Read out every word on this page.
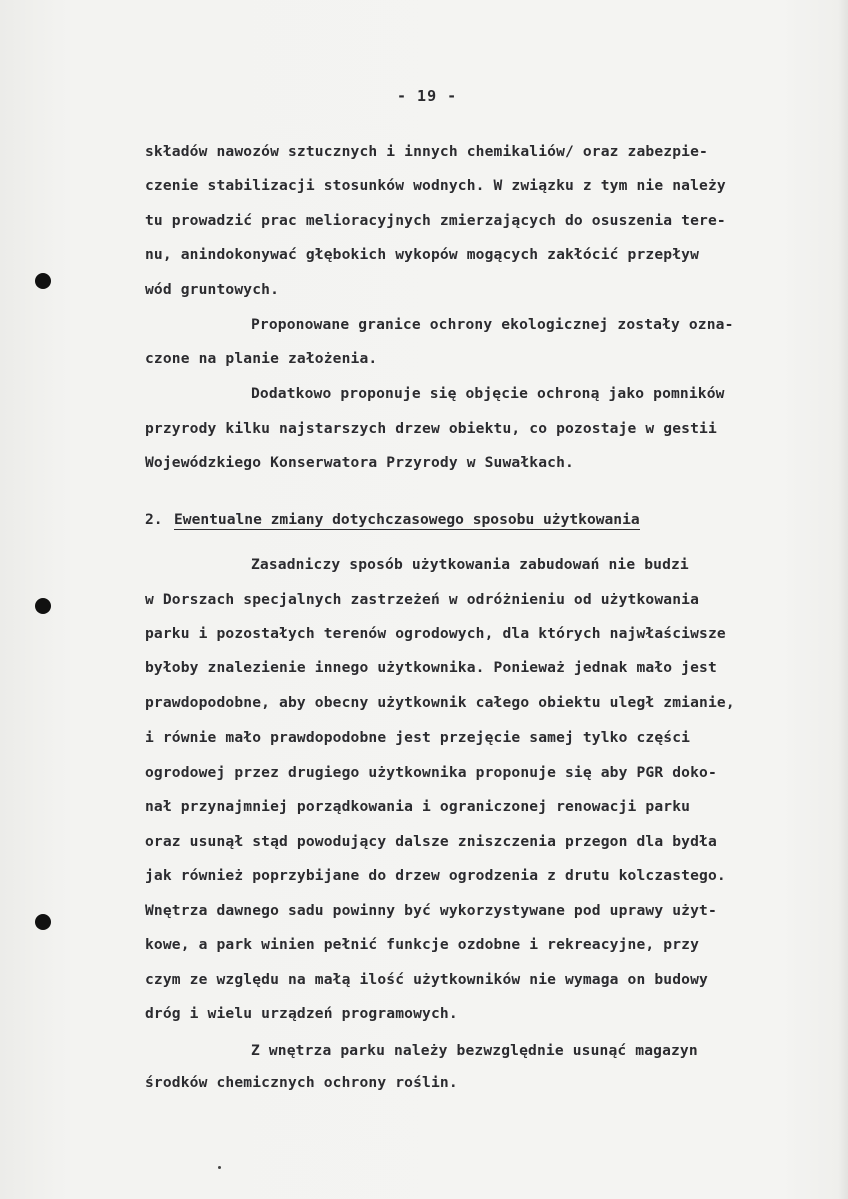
- 19 -
składów nawozów sztucznych i innych chemikaliów/ oraz zabezpie-
czenie stabilizacji stosunków wodnych. W związku z tym nie należy
tu prowadzić prac melioracyjnych zmierzających do osuszenia tere-
nu, anindokonywać głębokich wykopów mogących zakłócić przepływ
wód gruntowych.
Proponowane granice ochrony ekologicznej zostały ozna-
czone na planie założenia.
Dodatkowo proponuje się objęcie ochroną jako pomników
przyrody kilku najstarszych drzew obiektu, co pozostaje w gestii
Wojewódzkiego Konserwatora Przyrody w Suwałkach.
2. Ewentualne zmiany dotychczasowego sposobu użytkowania
Zasadniczy sposób użytkowania zabudowań nie budzi
w Dorszach specjalnych zastrzeżeń w odróżnieniu od użytkowania
parku i pozostałych terenów ogrodowych, dla których najwłaściwsze
byłoby znalezienie innego użytkownika. Ponieważ jednak mało jest
prawdopodobne, aby obecny użytkownik całego obiektu uległ zmianie,
i równie mało prawdopodobne jest przejęcie samej tylko części
ogrodowej przez drugiego użytkownika proponuje się aby PGR doko-
nał przynajmniej porządkowania i ograniczonej renowacji parku
oraz usunął stąd powodujący dalsze zniszczenia przegon dla bydła
jak również poprzybijane do drzew ogrodzenia z drutu kolczastego.
Wnętrza dawnego sadu powinny być wykorzystywane pod uprawy użyt-
kowe, a park winien pełnić funkcje ozdobne i rekreacyjne, przy
czym ze względu na małą ilość użytkowników nie wymaga on budowy
dróg i wielu urządzeń programowych.
Z wnętrza parku należy bezwzględnie usunąć magazyn
środków chemicznych ochrony roślin.
